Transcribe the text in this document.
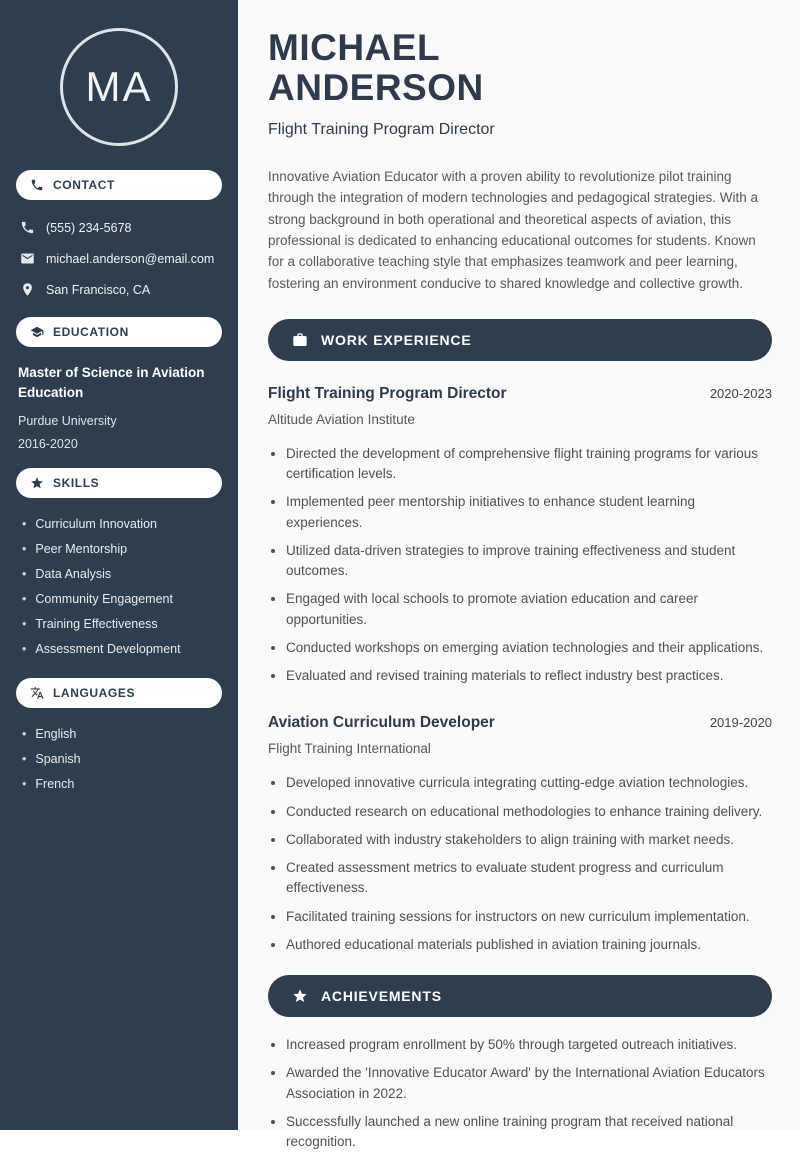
MA
CONTACT
(555) 234-5678
michael.anderson@email.com
San Francisco, CA
EDUCATION
Master of Science in Aviation Education
Purdue University
2016-2020
SKILLS
• Curriculum Innovation
• Peer Mentorship
• Data Analysis
• Community Engagement
• Training Effectiveness
• Assessment Development
LANGUAGES
• English
• Spanish
• French
MICHAEL
ANDERSON
Flight Training Program Director

Innovative Aviation Educator with a proven ability to revolutionize pilot training through the integration of modern technologies and pedagogical strategies. With a strong background in both operational and theoretical aspects of aviation, this professional is dedicated to enhancing educational outcomes for students. Known for a collaborative teaching style that emphasizes teamwork and peer learning, fostering an environment conducive to shared knowledge and collective growth.

WORK EXPERIENCE
Flight Training Program Director	2020-2023
Altitude Aviation Institute
• Directed the development of comprehensive flight training programs for various certification levels.
• Implemented peer mentorship initiatives to enhance student learning experiences.
• Utilized data-driven strategies to improve training effectiveness and student outcomes.
• Engaged with local schools to promote aviation education and career opportunities.
• Conducted workshops on emerging aviation technologies and their applications.
• Evaluated and revised training materials to reflect industry best practices.
Aviation Curriculum Developer	2019-2020
Flight Training International
• Developed innovative curricula integrating cutting-edge aviation technologies.
• Conducted research on educational methodologies to enhance training delivery.
• Collaborated with industry stakeholders to align training with market needs.
• Created assessment metrics to evaluate student progress and curriculum effectiveness.
• Facilitated training sessions for instructors on new curriculum implementation.
• Authored educational materials published in aviation training journals.
ACHIEVEMENTS
• Increased program enrollment by 50% through targeted outreach initiatives.
• Awarded the 'Innovative Educator Award' by the International Aviation Educators Association in 2022.
• Successfully launched a new online training program that received national recognition.
